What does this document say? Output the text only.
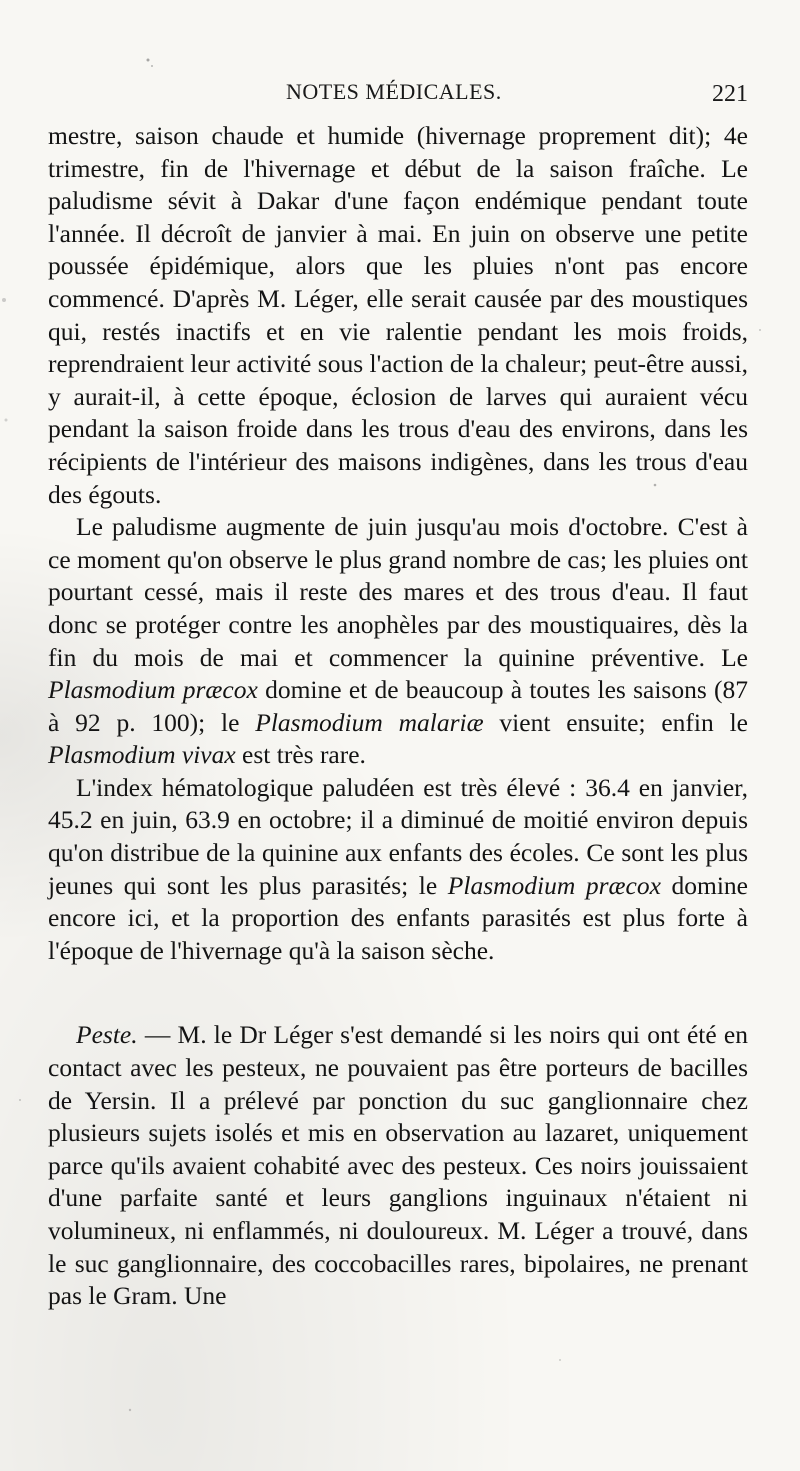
NOTES MÉDICALES.	221

mestre, saison chaude et humide (hivernage proprement dit); 4e trimestre, fin de l'hivernage et début de la saison fraîche. Le paludisme sévit à Dakar d'une façon endémique pendant toute l'année. Il décroît de janvier à mai. En juin on observe une petite poussée épidémique, alors que les pluies n'ont pas encore commencé. D'après M. Léger, elle serait causée par des moustiques qui, restés inactifs et en vie ralentie pendant les mois froids, reprendraient leur activité sous l'action de la chaleur; peut-être aussi, y aurait-il, à cette époque, éclosion de larves qui auraient vécu pendant la saison froide dans les trous d'eau des environs, dans les récipients de l'intérieur des maisons indigènes, dans les trous d'eau des égouts.

Le paludisme augmente de juin jusqu'au mois d'octobre. C'est à ce moment qu'on observe le plus grand nombre de cas; les pluies ont pourtant cessé, mais il reste des mares et des trous d'eau. Il faut donc se protéger contre les anophèles par des moustiquaires, dès la fin du mois de mai et commencer la quinine préventive. Le Plasmodium præcox domine et de beaucoup à toutes les saisons (87 à 92 p. 100); le Plasmodium malariæ vient ensuite; enfin le Plasmodium vivax est très rare.

L'index hématologique paludéen est très élevé : 36.4 en janvier, 45.2 en juin, 63.9 en octobre; il a diminué de moitié environ depuis qu'on distribue de la quinine aux enfants des écoles. Ce sont les plus jeunes qui sont les plus parasités; le Plasmodium præcox domine encore ici, et la proportion des enfants parasités est plus forte à l'époque de l'hivernage qu'à la saison sèche.

Peste. — M. le Dr Léger s'est demandé si les noirs qui ont été en contact avec les pesteux, ne pouvaient pas être porteurs de bacilles de Yersin. Il a prélevé par ponction du suc ganglionnaire chez plusieurs sujets isolés et mis en observation au lazaret, uniquement parce qu'ils avaient cohabité avec des pesteux. Ces noirs jouissaient d'une parfaite santé et leurs ganglions inguinaux n'étaient ni volumineux, ni enflammés, ni douloureux. M. Léger a trouvé, dans le suc ganglionnaire, des coccobacilles rares, bipolaires, ne prenant pas le Gram. Une
